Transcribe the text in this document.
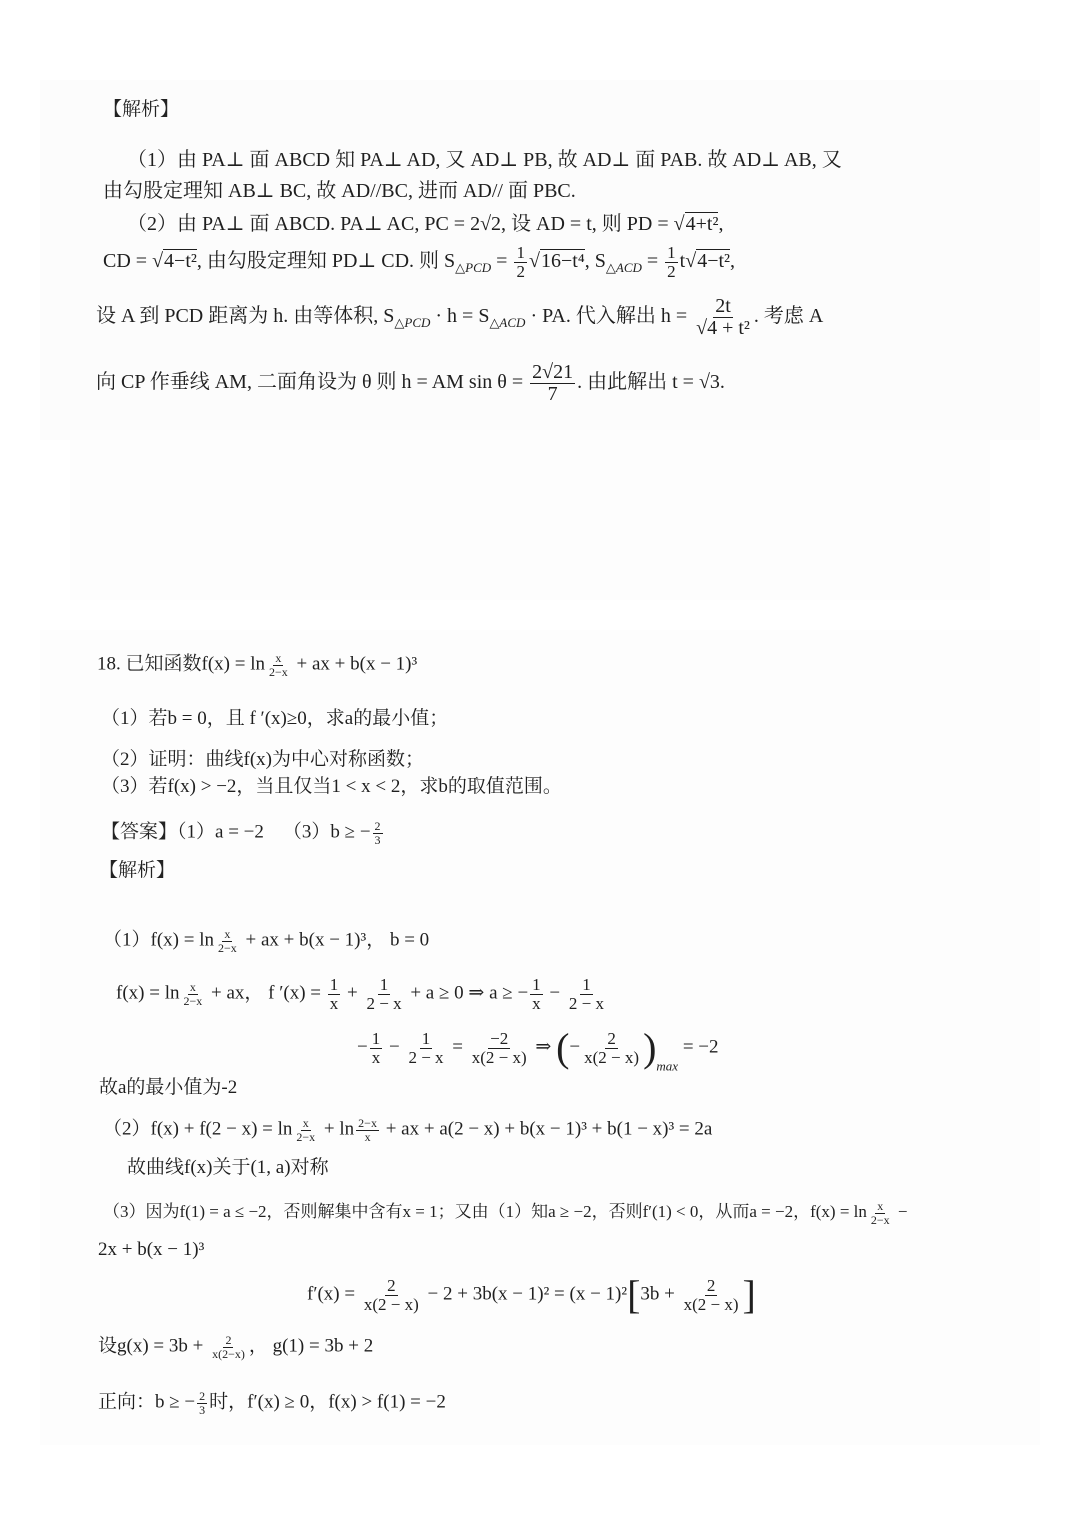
【解析】
（1）由 PA⊥ 面 ABCD 知 PA⊥ AD, 又 AD⊥ PB, 故 AD⊥ 面 PAB. 故 AD⊥ AB, 又
由勾股定理知 AB⊥ BC, 故 AD//BC, 进而 AD// 面 PBC.
（2）由 PA⊥ 面 ABCD. PA⊥ AC, PC = 2√2, 设 AD = t, 则 PD = √4+t²,
CD = √4−t², 由勾股定理知 PD⊥ CD. 则 $S_{\triangle PCD} = \frac{1}{2} √16-t^4$, $S_{\triangle ACD} = \frac{1}{2} t√4-t^2$,
设 A 到 PCD 距离为 h. 由等体积, $S_{\triangle PCD} \cdot h = S_{\triangle ACD}$ · PA. 代入解出 $h = \frac{2t}{\text{√4 + t²}}$ . 考虑 A
向 CP 作垂线 AM, 二面角设为 θ 则 h = AM $\sin \theta = \frac{2√21}{7}$ . 由此解出 t = √3.
18. 已知函数$f(x) = \ln \frac{x}{2-x}$ + ax + b(x − 1)³
（1）若b = 0，且 f ′(x)≥0，求a的最小值；
（2）证明：曲线f(x)为中心对称函数；
（3）若f(x) > −2，当且仅当1 < x < 2，求b的取值范围。
【答案】（1）a = −2 （3）b ≥ − $\frac{2}{3}$
【解析】
$(1)f(x) = \ln \frac{x}{2-x}$ + ax + b(x − 1)³， b = 0
$f(x) = \ln \frac{x}{2-x}$ + ax， f $'(x) = \frac{1}{x} + \frac{1}{2 - x} + a \ge 0$ ⇒ a ≥ − $\frac{1}{x} - \frac{1}{2 - x}$
− $\frac{1}{x} - \frac{1}{2 - x} = \frac{-2}{x(2 - x)}$ ⇒ (− $\frac{2}{x(2 - x)} )_{max} = -2$
故a的最小值为-2
$(2)f(x) + f(2 - x) = \ln \frac{x}{2-x} + \ln \frac{2-x}{x}$ + ax + a(2 − x) + b(x − 1)³ + b(1 − x)³ = 2a
故曲线f(x)关于(1, a)对称
（3）因为f(1) = a ≤ −2，否则解集中含有x = 1；又由（1）知a ≥ −2，否则f′(1) < 0，从而a = −2，$f(x) = \ln \frac{x}{2-x}$ −
2x + b(x − 1)³
$f'(x) = \frac{2}{x(2 - x)} - 2 + 3b(x - 1)^2 = (x - 1)^2[3b + \frac{2}{x(2 - x)}$ ]
设$g(x) = 3b + \frac{2}{x(2-x)}$ ， g(1) = 3b + 2
正向：b ≥ − $\frac{2}{3}$ 时，f′(x) ≥ 0，f(x) > f(1) = −2
